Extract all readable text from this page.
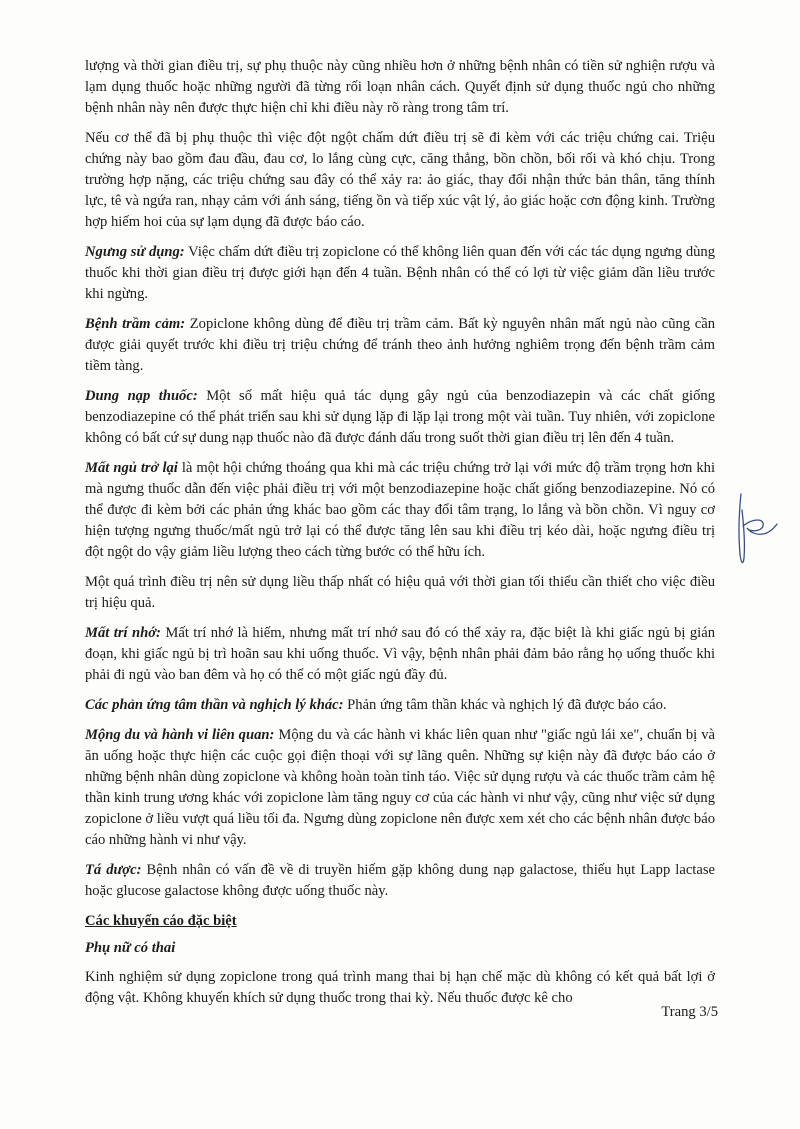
lượng và thời gian điều trị, sự phụ thuộc này cũng nhiều hơn ở những bệnh nhân có tiền sử nghiện rượu và lạm dụng thuốc hoặc những người đã từng rối loạn nhân cách. Quyết định sử dụng thuốc ngủ cho những bệnh nhân này nên được thực hiện chỉ khi điều này rõ ràng trong tâm trí.

Nếu cơ thể đã bị phụ thuộc thì việc đột ngột chấm dứt điều trị sẽ đi kèm với các triệu chứng cai. Triệu chứng này bao gồm đau đầu, đau cơ, lo lắng cùng cực, căng thẳng, bồn chồn, bối rối và khó chịu. Trong trường hợp nặng, các triệu chứng sau đây có thể xảy ra: ảo giác, thay đổi nhận thức bản thân, tăng thính lực, tê và ngứa ran, nhạy cảm với ánh sáng, tiếng ồn và tiếp xúc vật lý, ảo giác hoặc cơn động kinh. Trường hợp hiếm hoi của sự lạm dụng đã được báo cáo.

Ngưng sử dụng: Việc chấm dứt điều trị zopiclone có thể không liên quan đến với các tác dụng ngưng dùng thuốc khi thời gian điều trị được giới hạn đến 4 tuần. Bệnh nhân có thể có lợi từ việc giảm dần liều trước khi ngừng.

Bệnh trầm cảm: Zopiclone không dùng để điều trị trầm cảm. Bất kỳ nguyên nhân mất ngủ nào cũng cần được giải quyết trước khi điều trị triệu chứng để tránh theo ảnh hưởng nghiêm trọng đến bệnh trầm cảm tiềm tàng.

Dung nạp thuốc: Một số mất hiệu quả tác dụng gây ngủ của benzodiazepin và các chất giống benzodiazepine có thể phát triển sau khi sử dụng lặp đi lặp lại trong một vài tuần. Tuy nhiên, với zopiclone không có bất cứ sự dung nạp thuốc nào đã được đánh dấu trong suốt thời gian điều trị lên đến 4 tuần.

Mất ngủ trở lại là một hội chứng thoáng qua khi mà các triệu chứng trở lại với mức độ trầm trọng hơn khi mà ngưng thuốc dẫn đến việc phải điều trị với một benzodiazepine hoặc chất giống benzodiazepine. Nó có thể được đi kèm bởi các phản ứng khác bao gồm các thay đổi tâm trạng, lo lắng và bồn chồn. Vì nguy cơ hiện tượng ngưng thuốc/mất ngủ trở lại có thể được tăng lên sau khi điều trị kéo dài, hoặc ngưng điều trị đột ngột do vậy giảm liều lượng theo cách từng bước có thể hữu ích.

Một quá trình điều trị nên sử dụng liều thấp nhất có hiệu quả với thời gian tối thiểu cần thiết cho việc điều trị hiệu quả.

Mất trí nhớ: Mất trí nhớ là hiếm, nhưng mất trí nhớ sau đó có thể xảy ra, đặc biệt là khi giấc ngủ bị gián đoạn, khi giấc ngủ bị trì hoãn sau khi uống thuốc. Vì vậy, bệnh nhân phải đảm bảo rằng họ uống thuốc khi phải đi ngủ vào ban đêm và họ có thể có một giấc ngủ đầy đủ.

Các phản ứng tâm thần và nghịch lý khác: Phản ứng tâm thần khác và nghịch lý đã được báo cáo.

Mộng du và hành vi liên quan: Mộng du và các hành vi khác liên quan như "giấc ngủ lái xe", chuẩn bị và ăn uống hoặc thực hiện các cuộc gọi điện thoại với sự lãng quên. Những sự kiện này đã được báo cáo ở những bệnh nhân dùng zopiclone và không hoàn toàn tỉnh táo. Việc sử dụng rượu và các thuốc trầm cảm hệ thần kinh trung ương khác với zopiclone làm tăng nguy cơ của các hành vi như vậy, cũng như việc sử dụng zopiclone ở liều vượt quá liều tối đa. Ngưng dùng zopiclone nên được xem xét cho các bệnh nhân được báo cáo những hành vi như vậy.

Tá dược: Bệnh nhân có vấn đề về di truyền hiếm gặp không dung nạp galactose, thiếu hụt Lapp lactase hoặc glucose galactose không được uống thuốc này.

Các khuyến cáo đặc biệt
Phụ nữ có thai

Kinh nghiệm sử dụng zopiclone trong quá trình mang thai bị hạn chế mặc dù không có kết quả bất lợi ở động vật. Không khuyến khích sử dụng thuốc trong thai kỳ. Nếu thuốc được kê cho

Trang 3/5
